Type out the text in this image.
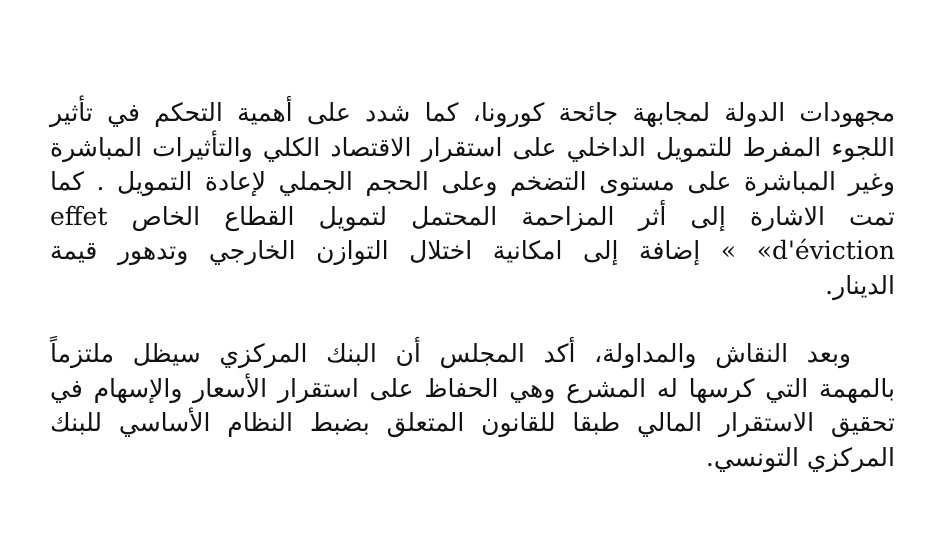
مجهودات الدولة لمجابهة جائحة كورونا، كما شدد على أهمية التحكم في تأثير
اللجوء المفرط للتمويل الداخلي على استقرار الاقتصاد الكلي والتأثيرات المباشرة
وغير المباشرة على مستوى التضخم وعلى الحجم الجملي لإعادة التمويل . كما
تمت الاشارة إلى أثر المزاحمة المحتمل لتمويل القطاع الخاص effet
d'éviction» » إضافة إلى امكانية اختلال التوازن الخارجي وتدهور قيمة
الدينار.
وبعد النقاش والمداولة، أكد المجلس أن البنك المركزي سيظل ملتزماً
بالمهمة التي كرسها له المشرع وهي الحفاظ على استقرار الأسعار والإسهام في
تحقيق الاستقرار المالي طبقا للقانون المتعلق بضبط النظام الأساسي للبنك
المركزي التونسي.
